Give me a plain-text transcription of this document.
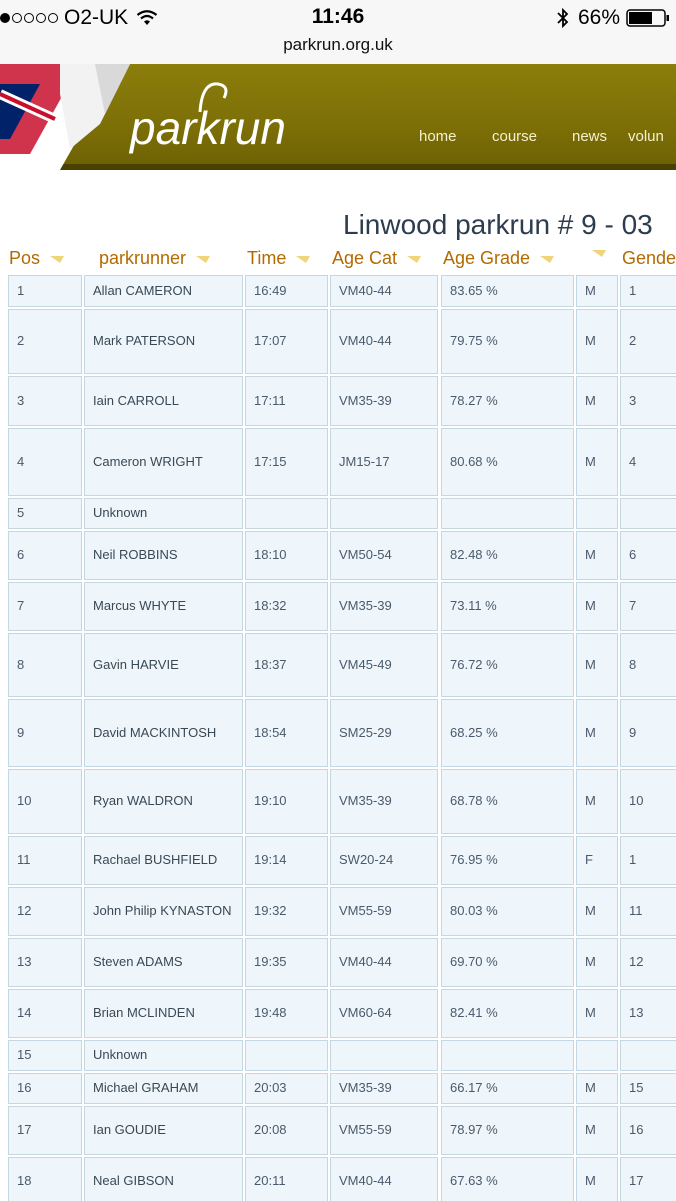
O2-UK	11:46
parkrun.org.uk
66%
parkrun	home course news volun
Linwood parkrun # 9 - 03
Pos	parkrunner	Time	Age Cat	Age Grade	Gende
1	Allan CAMERON	16:49	VM40-44	83.65 %	M	1
2	Mark PATERSON	17:07	VM40-44	79.75 %	M	2
3	Iain CARROLL	17:11	VM35-39	78.27 %	M	3
4	Cameron WRIGHT	17:15	JM15-17	80.68 %	M	4
5	Unknown
6	Neil ROBBINS	18:10	VM50-54	82.48 %	M	6
7	Marcus WHYTE	18:32	VM35-39	73.11 %	M	7
8	Gavin HARVIE	18:37	VM45-49	76.72 %	M	8
9	David MACKINTOSH	18:54	SM25-29	68.25 %	M	9
10	Ryan WALDRON	19:10	VM35-39	68.78 %	M	10
11	Rachael BUSHFIELD	19:14	SW20-24	76.95 %	F	1
12	John Philip KYNASTON	19:32	VM55-59	80.03 %	M	11
13	Steven ADAMS	19:35	VM40-44	69.70 %	M	12
14	Brian MCLINDEN	19:48	VM60-64	82.41 %	M	13
15	Unknown
16	Michael GRAHAM	20:03	VM35-39	66.17 %	M	15
17	Ian GOUDIE	20:08	VM55-59	78.97 %	M	16
18	Neal GIBSON	20:11	VM40-44	67.63 %	M	17
